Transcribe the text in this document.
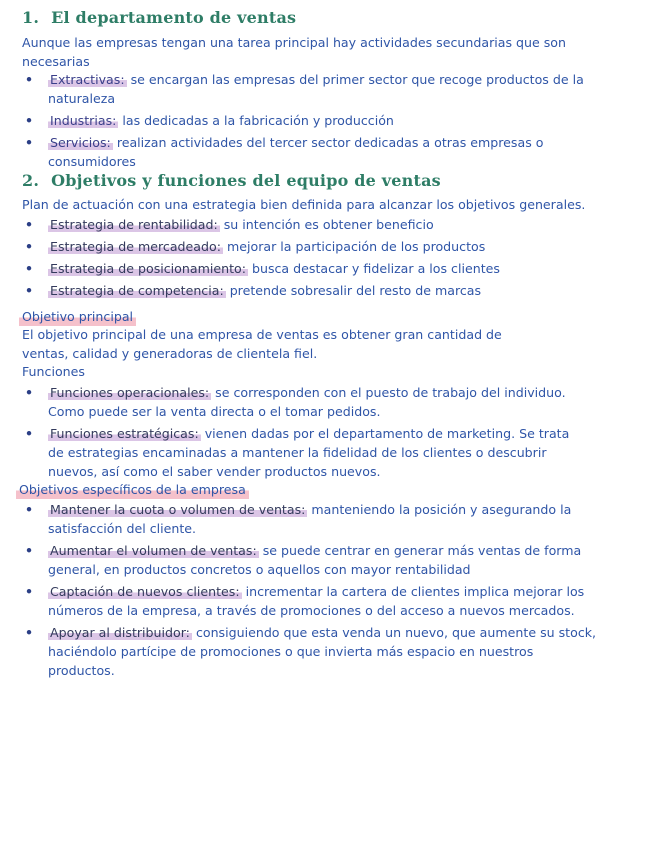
1. El departamento de ventas
Aunque las empresas tengan una tarea principal hay actividades secundarias que son necesarias
• Extractivas: se encargan las empresas del primer sector que recoge productos de la naturaleza
• Industrias: las dedicadas a la fabricación y producción
• Servicios: realizan actividades del tercer sector dedicadas a otras empresas o consumidores
2. Objetivos y funciones del equipo de ventas
Plan de actuación con una estrategia bien definida para alcanzar los objetivos generales.
• Estrategia de rentabilidad: su intención es obtener beneficio
• Estrategia de mercadeado: mejorar la participación de los productos
• Estrategia de posicionamiento: busca destacar y fidelizar a los clientes
• Estrategia de competencia: pretende sobresalir del resto de marcas
Objetivo principal
El objetivo principal de una empresa de ventas es obtener gran cantidad de ventas, calidad y generadoras de clientela fiel.
Funciones
• Funciones operacionales: se corresponden con el puesto de trabajo del individuo. Como puede ser la venta directa o el tomar pedidos.
• Funciones estratégicas: vienen dadas por el departamento de marketing. Se trata de estrategias encaminadas a mantener la fidelidad de los clientes o descubrir nuevos, así como el saber vender productos nuevos.
Objetivos específicos de la empresa
• Mantener la cuota o volumen de ventas: manteniendo la posición y asegurando la satisfacción del cliente.
• Aumentar el volumen de ventas: se puede centrar en generar más ventas de forma general, en productos concretos o aquellos con mayor rentabilidad
• Captación de nuevos clientes: incrementar la cartera de clientes implica mejorar los números de la empresa, a través de promociones o del acceso a nuevos mercados.
• Apoyar al distribuidor: consiguiendo que esta venda un nuevo, que aumente su stock, haciéndolo partícipe de promociones o que invierta más espacio en nuestros productos.
